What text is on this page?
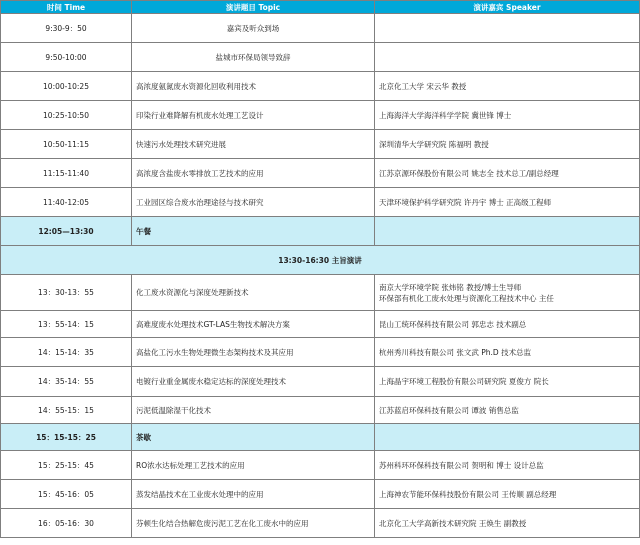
时间 Time	演讲题目 Topic	演讲嘉宾 Speaker
9:30-9：50	嘉宾及听众到场	
9:50-10:00	盐城市环保局领导致辞	
10:00-10:25	高浓度氨氮废水资源化回收利用技术	北京化工大学 宋云华 教授
10:25-10:50	印染行业难降解有机废水处理工艺设计	上海海洋大学海洋科学学院 冀世锋 博士
10:50-11:15	快速污水处理技术研究进展	深圳清华大学研究院 陈福明 教授
11:15-11:40	高浓度含盐废水零排放工艺技术的应用	江苏京源环保股份有限公司 姚志全 技术总工/副总经理
11:40-12:05	工业园区综合废水治理途径与技术研究	天津环境保护科学研究院 许丹宇 博士 正高级工程师
12:05—13:30	午餐	
13:30-16:30 主旨演讲		
13：30-13：55	化工废水资源化与深度处理新技术	南京大学环境学院 张炜铭 教授/博士生导师
环保部有机化工废水处理与资源化工程技术中心 主任

13：55-14：15	高难度废水处理技术GT-LAS生物技术解决方案	昆山工统环保科技有限公司 郭忠志 技术副总
14：15-14：35	高盐化工污水生物处理微生态架构技术及其应用	杭州秀川科技有限公司 张文武 Ph.D 技术总监
14：35-14：55	电镀行业重金属废水稳定达标的深度处理技术	上海晶宇环境工程股份有限公司研究院 夏俊方 院长
14：55-15：15	污泥低温除湿干化技术	江苏蓝启环保科技有限公司 谭波 销售总监
15：15-15：25	茶歇	
15：25-15：45	RO浓水达标处理工艺技术的应用	苏州科环环保科技有限公司 贺明和 博士 设计总监
15：45-16：05	蒸发结晶技术在工业废水处理中的应用	上海神农节能环保科技股份有限公司 王传顺 副总经理
16：05-16：30	芬顿生化结合热解危废污泥工艺在化工废水中的应用	北京化工大学高新技术研究院 王焕生 副教授
